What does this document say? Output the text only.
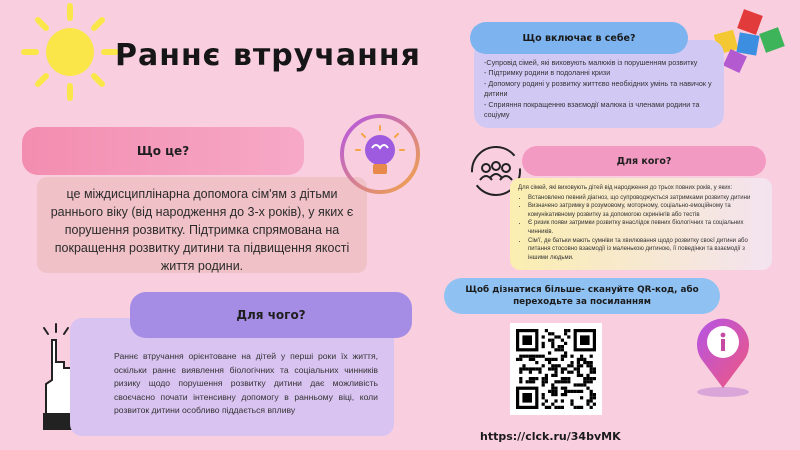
Раннє втручання
Що це?
це міждисциплінарна допомога сім'ям з дітьми раннього віку (від народження до 3-х років), у яких є порушення розвитку. Підтримка спрямована на покращення розвитку дитини та підвищення якості життя родини.
Для чого?
Раннє втручання орієнтоване на дітей у перші роки їх життя, оскільки раннє виявлення біологічних та соціальних чинників ризику щодо порушення розвитку дитини дає можливість своєчасно почати інтенсивну допомогу в ранньому віці, коли розвиток дитини особливо піддається впливу
Що включає в себе?
-Супровід сімей, які виховують малюків із порушенням розвитку
- Підтримку родини в подоланні кризи
- Допомогу родині у розвитку життєво необхідних умінь та навичок у дитини
- Сприяння покращенню взаємодії малюка із членами родини та соціуму
Для кого?
Для сімей, які виховують дітей від народження до трьох повних років, у яких:
• Встановлено певний діагноз, що супроводжується затримками розвитку дитини
• Визначено затримку в розумовому, моторному, соціально-емоційному та комунікативному розвитку за допомогою скринінгів або тестів
• Є ризик появи затримки розвитку внаслідок певних біологічних та соціальних чинників.
• Сім'ї, де батьки мають сумніви та хвилювання щодо розвитку своєї дитини або питання стосовно взаємодії із маленькою дитиною, її поведінки та взаємодії з іншими людьми.
Щоб дізнатися більше- скануйте QR-код, або переходьте за посиланням
https://clck.ru/34bvMK
